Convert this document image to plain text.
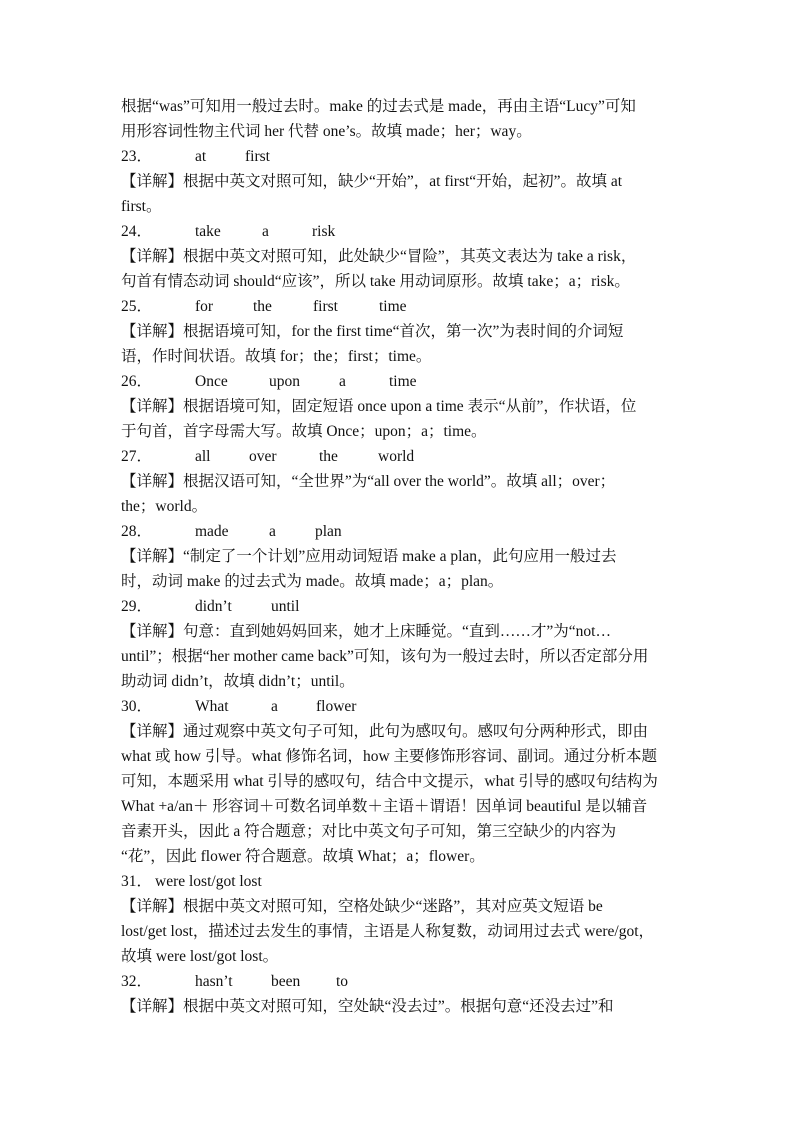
根据“was”可知用一般过去时。make 的过去式是 made，再由主语“Lucy”可知
用形容词性物主代词 her 代替 one’s。故填 made；her；way。
23．	at	first
【详解】根据中英文对照可知，缺少“开始”，at first“开始，起初”。故填 at
first。
24．	take	a	risk
【详解】根据中英文对照可知，此处缺少“冒险”，其英文表达为 take a risk，
句首有情态动词 should“应该”，所以 take 用动词原形。故填 take；a；risk。
25．	for	the	first	time
【详解】根据语境可知，for the first time“首次，第一次”为表时间的介词短
语，作时间状语。故填 for；the；first；time。
26．	Once	upon	a	time
【详解】根据语境可知，固定短语 once upon a time 表示“从前”，作状语，位
于句首，首字母需大写。故填 Once；upon；a；time。
27．	all over	the	world
【详解】根据汉语可知，“全世界”为“all over the world”。故填 all；over；
the；world。
28．	made	a	plan
【详解】“制定了一个计划”应用动词短语 make a plan，此句应用一般过去
时，动词 make 的过去式为 made。故填 made；a；plan。
29．	didn’t	until
【详解】句意：直到她妈妈回来，她才上床睡觉。“直到……才”为“not…
until”；根据“her mother came back”可知，该句为一般过去时，所以否定部分用
助动词 didn’t，故填 didn’t；until。
30．	What	a flower
【详解】通过观察中英文句子可知，此句为感叹句。感叹句分两种形式，即由
what 或 how 引导。what 修饰名词，how 主要修饰形容词、副词。通过分析本题
可知，本题采用 what 引导的感叹句，结合中文提示，what 引导的感叹句结构为
What +a/an＋ 形容词＋可数名词单数＋主语＋谓语！因单词 beautiful 是以辅音
音素开头，因此 a 符合题意；对比中英文句子可知，第三空缺少的内容为
“花”，因此 flower 符合题意。故填 What；a；flower。
31． were lost/got lost
【详解】根据中英文对照可知，空格处缺少“迷路”，其对应英文短语 be
lost/get lost，描述过去发生的事情，主语是人称复数，动词用过去式 were/got，
故填 were lost/got lost。
32．	hasn’t been to
【详解】根据中英文对照可知，空处缺“没去过”。根据句意“还没去过”和
